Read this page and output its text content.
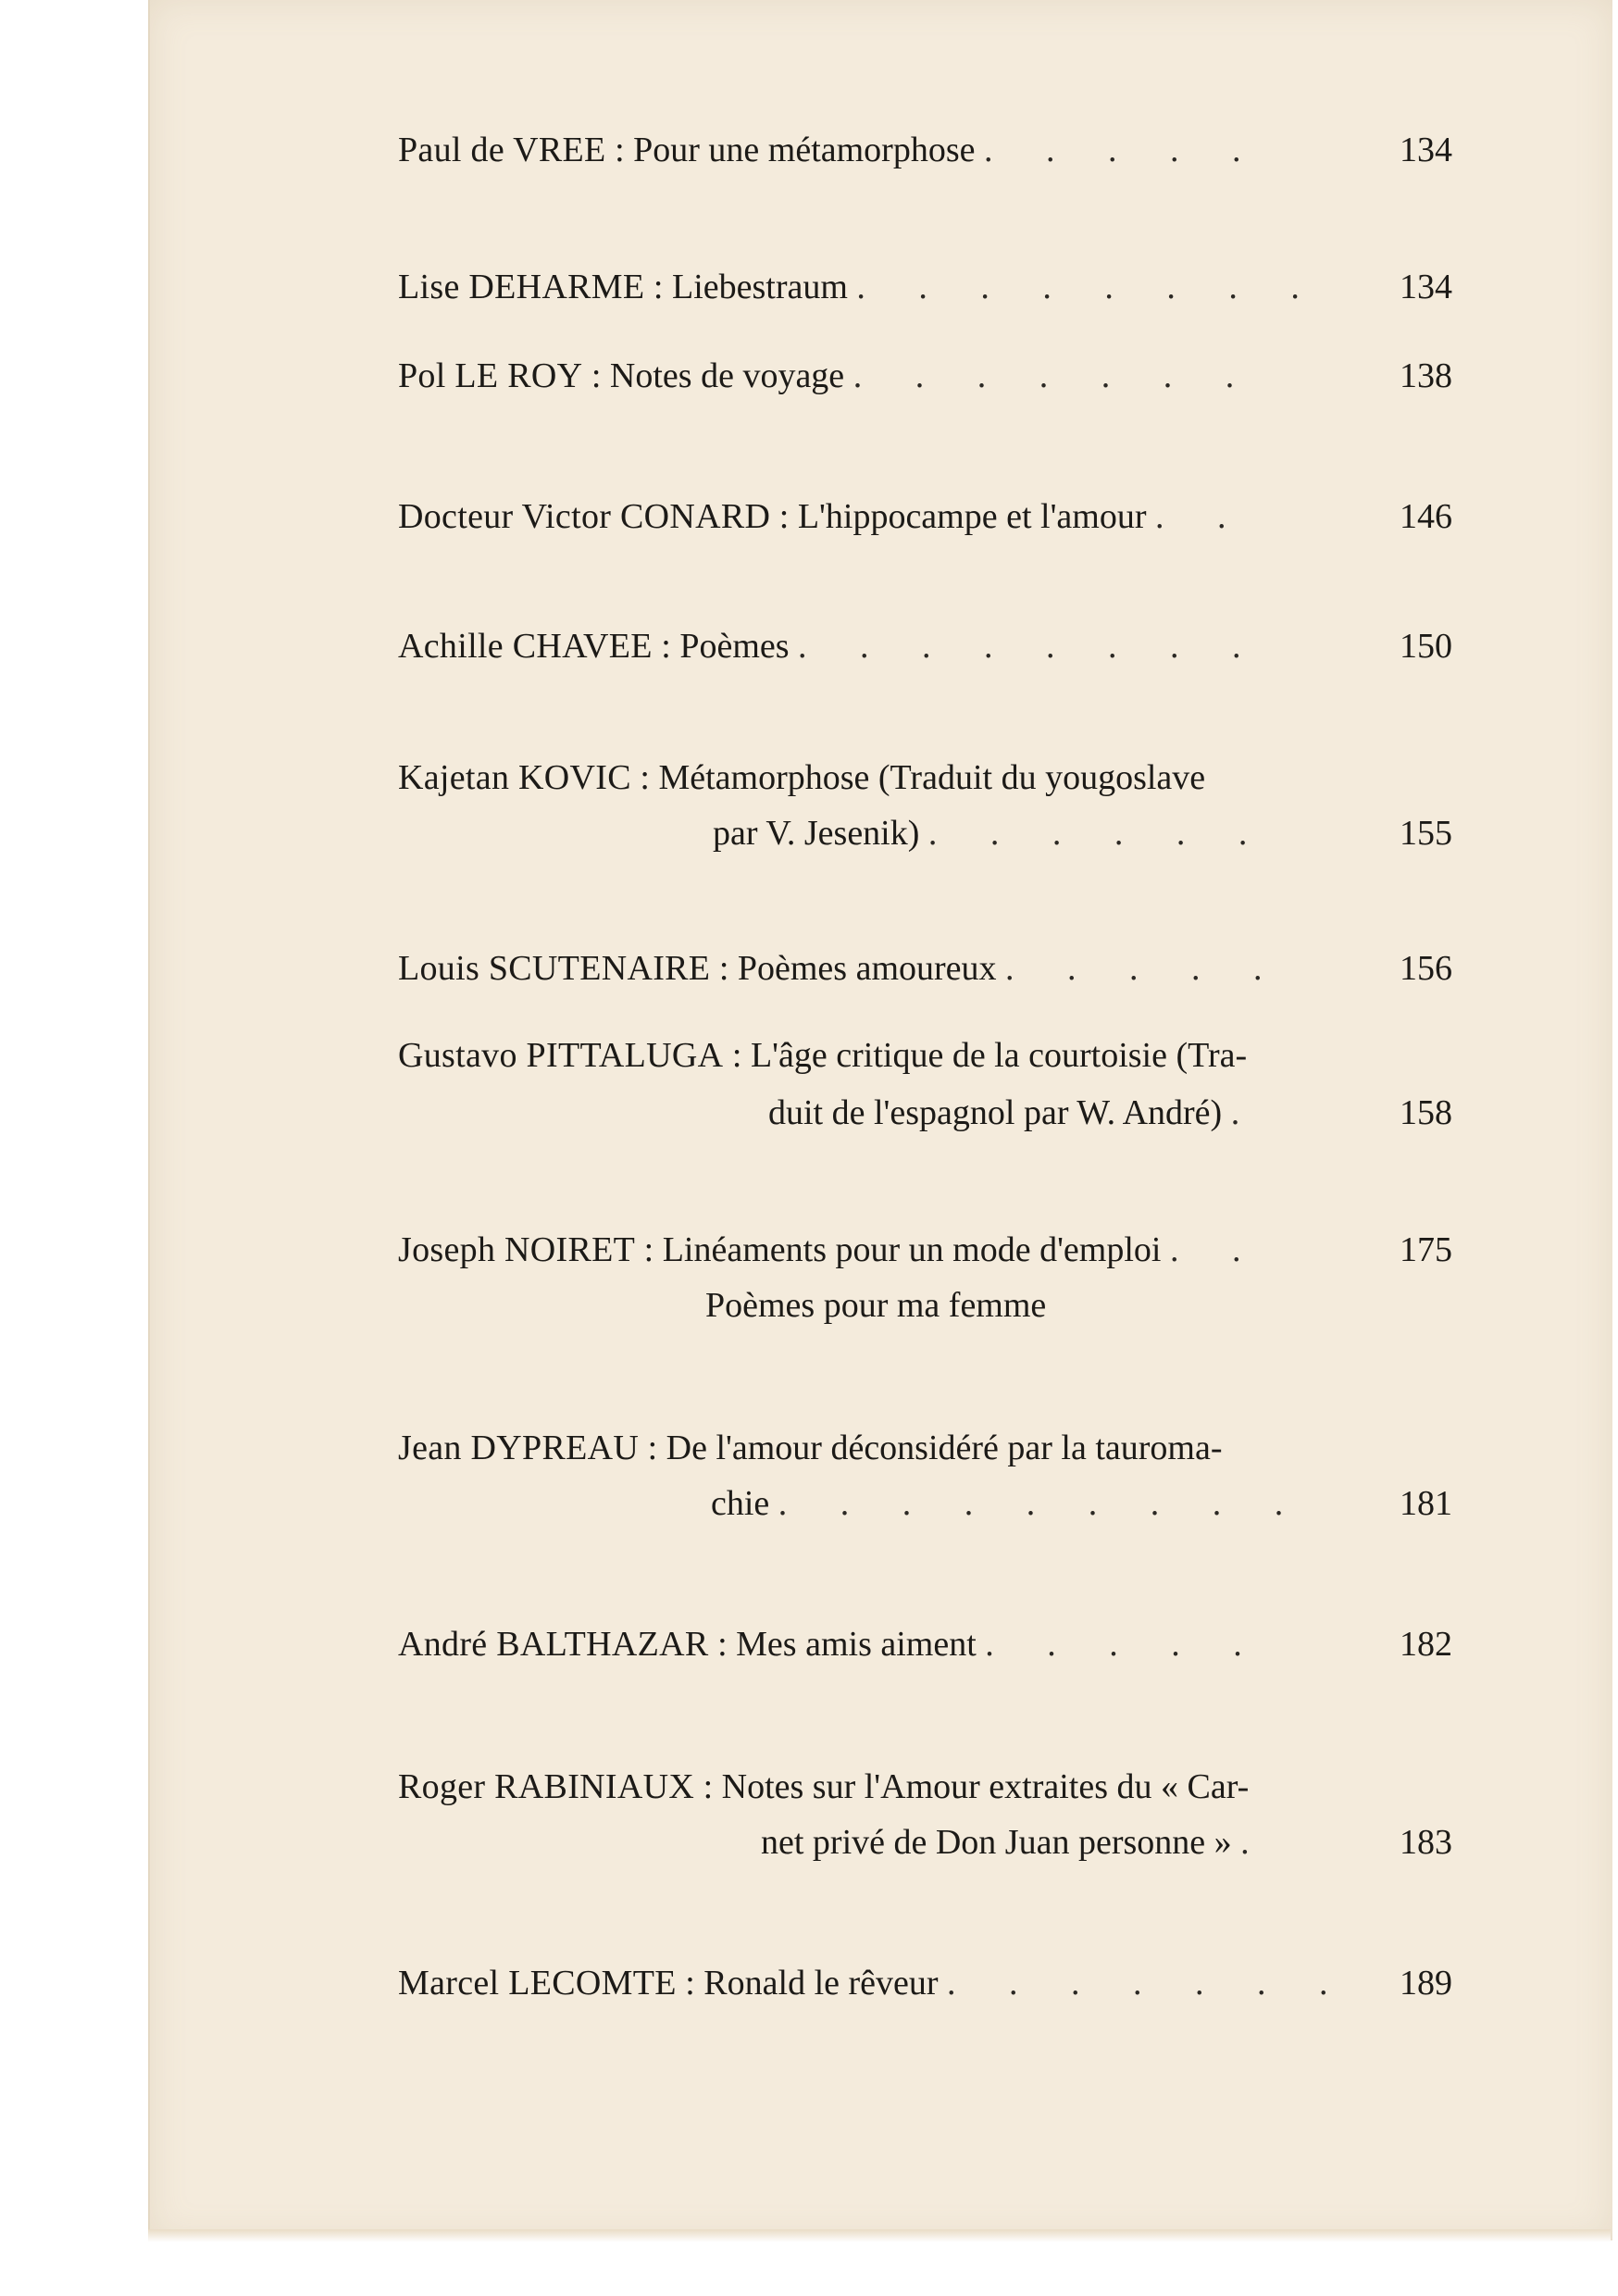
Paul de VREE : Pour une métamorphose . . . . .	134
Lise DEHARME : Liebestraum . . . . . . . . 134
Pol LE ROY : Notes de voyage . . . . . . .	138
Docteur Victor CONARD : L'hippocampe et l'amour . .	146
Achille CHAVEE : Poèmes . . . . . . . .	150
Kajetan KOVIC : Métamorphose (Traduit du yougoslave
par V. Jesenik) . . . . . .	155
Louis SCUTENAIRE : Poèmes amoureux . . . . .	156
Gustavo PITTALUGA : L'âge critique de la courtoisie (Tra-
duit de l'espagnol par W. André) .	158
Joseph NOIRET : Linéaments pour un mode d'emploi . .	175
Poèmes pour ma femme
Jean DYPREAU : De l'amour déconsidéré par la tauroma-
chie . . . . . . . . .	181
André BALTHAZAR : Mes amis aiment . . . . .	182
Roger RABINIAUX : Notes sur l'Amour extraites du « Car-
net privé de Don Juan personne » .	183
Marcel LECOMTE : Ronald le rêveur . . . . . . . 189
